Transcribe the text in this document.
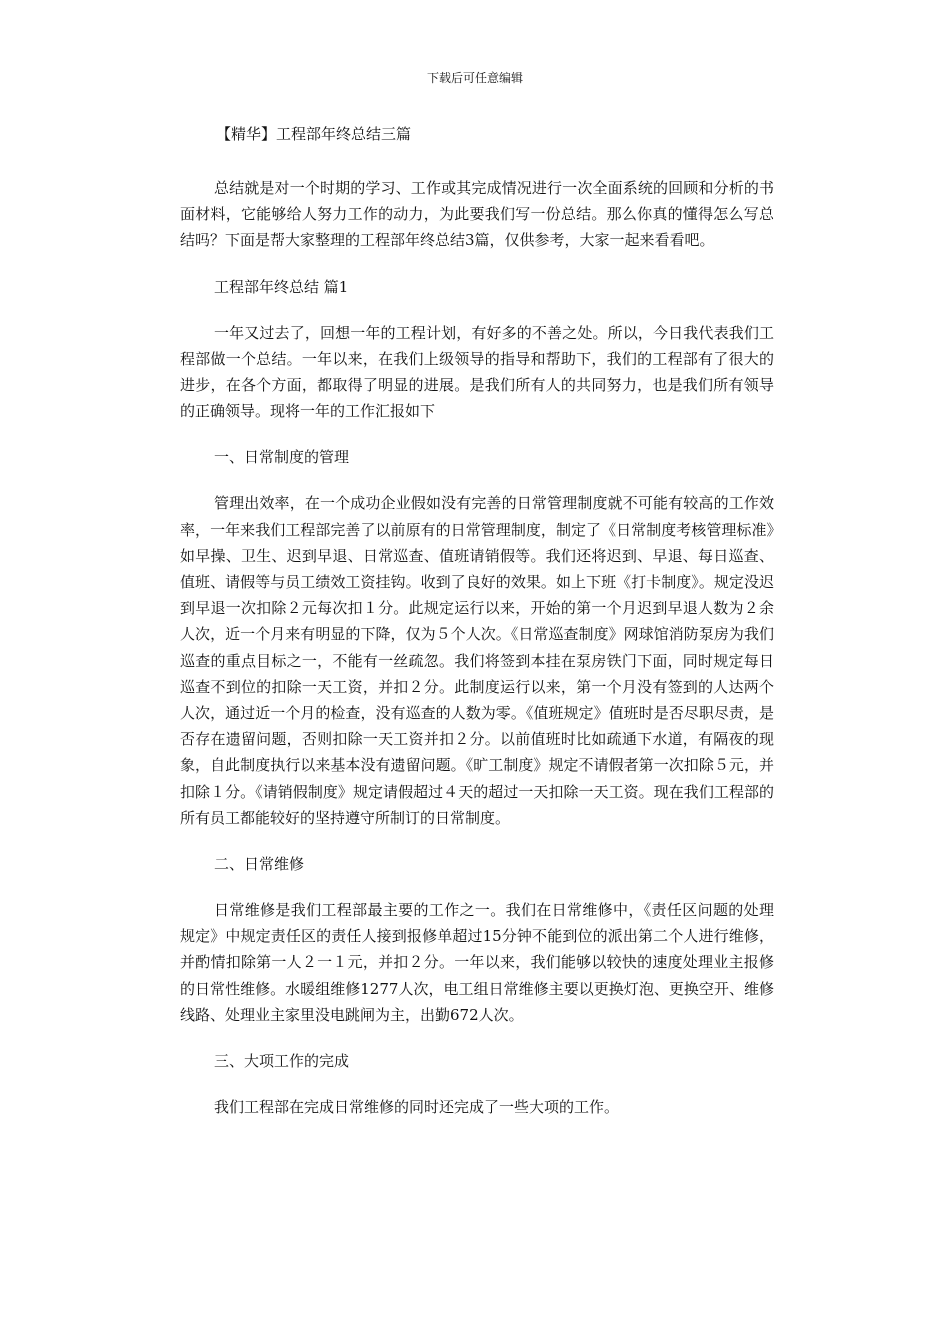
下载后可任意编辑
【精华】工程部年终总结三篇

总结就是对一个时期的学习、工作或其完成情况进行一次全面系统的回顾和分析的书面材料，它能够给人努力工作的动力，为此要我们写一份总结。那么你真的懂得怎么写总结吗？下面是帮大家整理的工程部年终总结3篇，仅供参考，大家一起来看看吧。

工程部年终总结 篇1

一年又过去了，回想一年的工程计划，有好多的不善之处。所以，今日我代表我们工程部做一个总结。一年以来，在我们上级领导的指导和帮助下，我们的工程部有了很大的进步，在各个方面，都取得了明显的进展。是我们所有人的共同努力，也是我们所有领导的正确领导。现将一年的工作汇报如下

一、日常制度的管理

管理出效率，在一个成功企业假如没有完善的日常管理制度就不可能有较高的工作效率，一年来我们工程部完善了以前原有的日常管理制度，制定了《日常制度考核管理标准》如早操、卫生、迟到早退、日常巡查、值班请销假等。我们还将迟到、早退、每日巡查、值班、请假等与员工绩效工资挂钩。收到了良好的效果。如上下班《打卡制度》。规定没迟到早退一次扣除２元每次扣１分。此规定运行以来，开始的第一个月迟到早退人数为２余人次，近一个月来有明显的下降，仅为５个人次。《日常巡查制度》网球馆消防泵房为我们巡查的重点目标之一，不能有一丝疏忽。我们将签到本挂在泵房铁门下面，同时规定每日巡查不到位的扣除一天工资，并扣２分。此制度运行以来，第一个月没有签到的人达两个人次，通过近一个月的检查，没有巡查的人数为零。《值班规定》值班时是否尽职尽责，是否存在遗留问题，否则扣除一天工资并扣２分。以前值班时比如疏通下水道，有隔夜的现象，自此制度执行以来基本没有遗留问题。《旷工制度》规定不请假者第一次扣除５元，并扣除１分。《请销假制度》规定请假超过４天的超过一天扣除一天工资。现在我们工程部的所有员工都能较好的坚持遵守所制订的日常制度。

二、日常维修

日常维修是我们工程部最主要的工作之一。我们在日常维修中，《责任区问题的处理规定》中规定责任区的责任人接到报修单超过15分钟不能到位的派出第二个人进行维修，并酌情扣除第一人２一１元，并扣２分。一年以来，我们能够以较快的速度处理业主报修的日常性维修。水暖组维修1277人次，电工组日常维修主要以更换灯泡、更换空开、维修线路、处理业主家里没电跳闸为主，出勤672人次。

三、大项工作的完成

我们工程部在完成日常维修的同时还完成了一些大项的工作。
